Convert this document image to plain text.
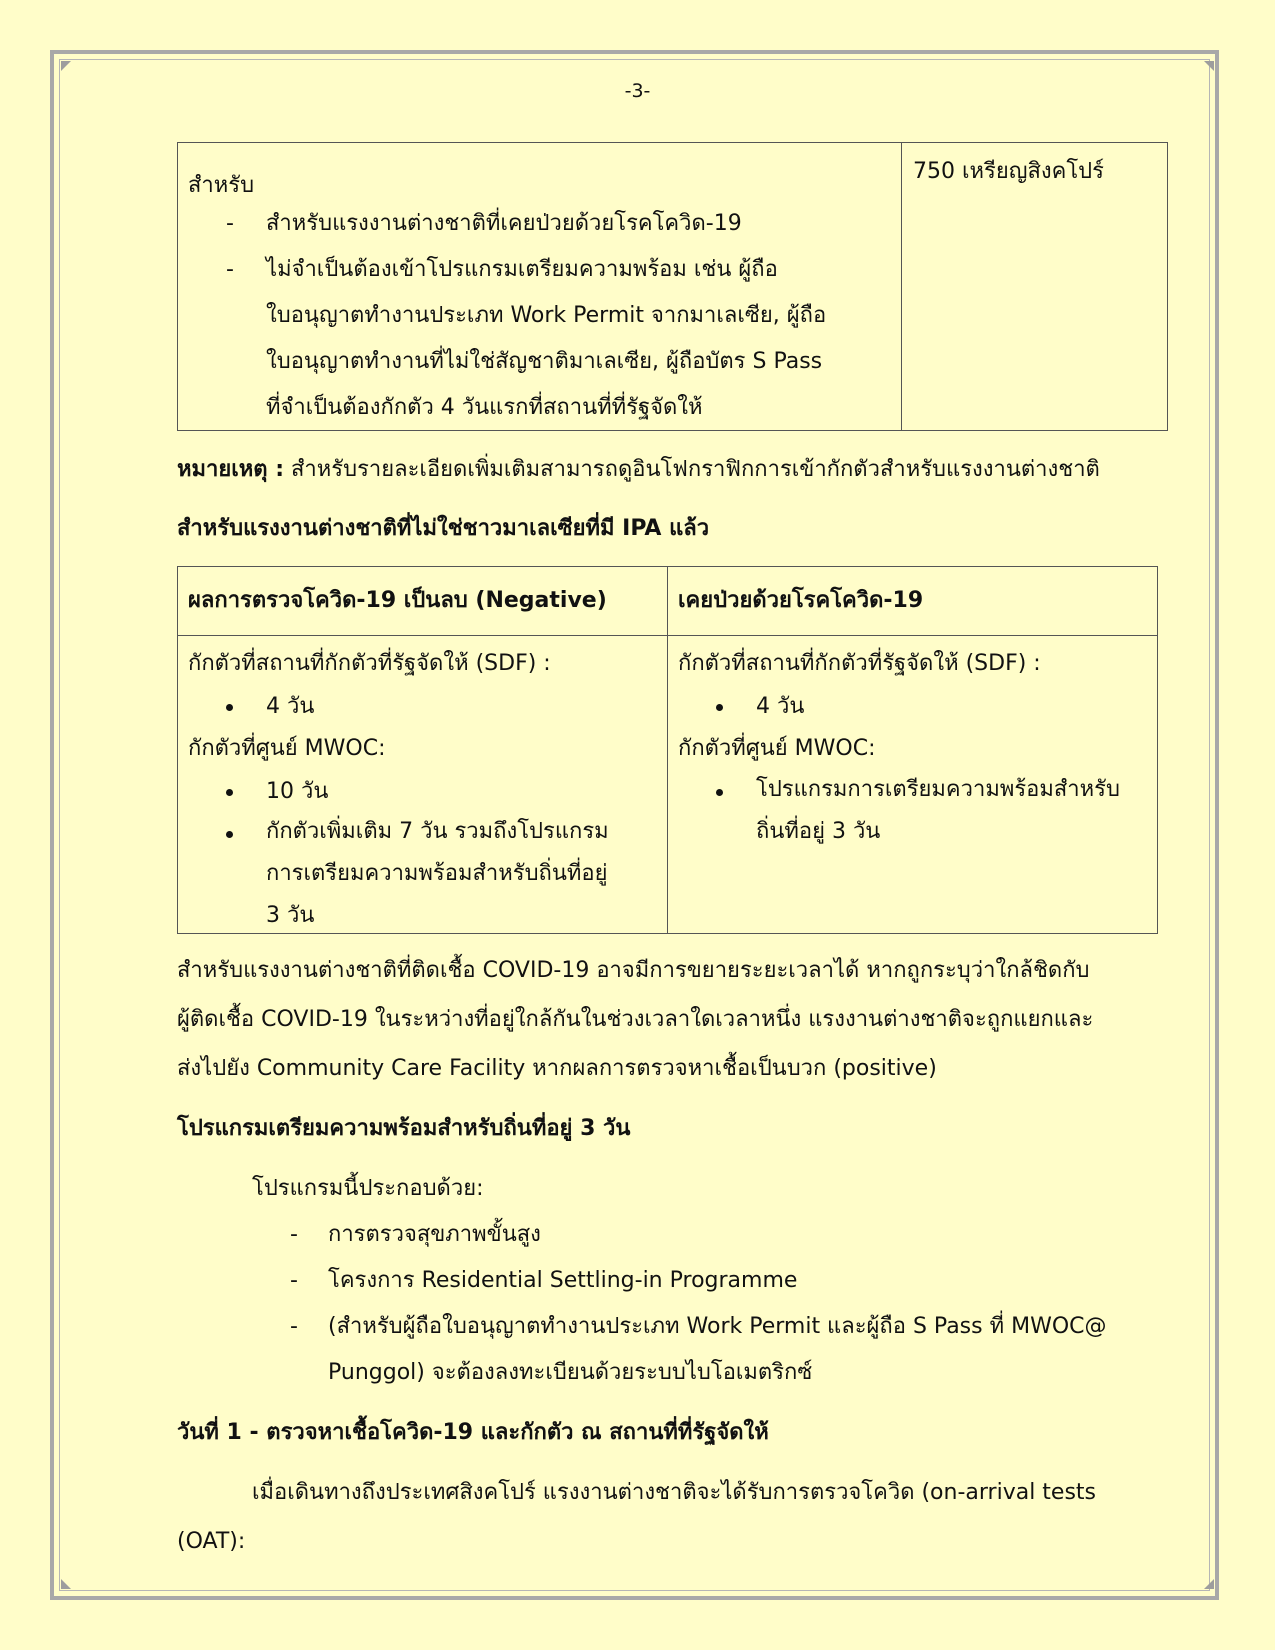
-3-
สำหรับ
- สำหรับแรงงานต่างชาติที่เคยป่วยด้วยโรคโควิด-19
- ไม่จำเป็นต้องเข้าโปรแกรมเตรียมความพร้อม เช่น ผู้ถือ
ใบอนุญาตทำงานประเภท Work Permit จากมาเลเซีย, ผู้ถือ
ใบอนุญาตทำงานที่ไม่ใช่สัญชาติมาเลเซีย, ผู้ถือบัตร S Pass
ที่จำเป็นต้องกักตัว 4 วันแรกที่สถานที่ที่รัฐจัดให้
750 เหรียญสิงคโปร์
หมายเหตุ : สำหรับรายละเอียดเพิ่มเติมสามารถดูอินโฟกราฟิกการเข้ากักตัวสำหรับแรงงานต่างชาติ
สำหรับแรงงานต่างชาติที่ไม่ใช่ชาวมาเลเซียที่มี IPA แล้ว
ผลการตรวจโควิด-19 เป็นลบ (Negative)
กักตัวที่สถานที่กักตัวที่รัฐจัดให้ (SDF) :
4 วัน
กักตัวที่ศูนย์ MWOC:
10 วัน
กักตัวเพิ่มเติม 7 วัน รวมถึงโปรแกรม
การเตรียมความพร้อมสำหรับถิ่นที่อยู่
3 วัน
เคยป่วยด้วยโรคโควิด-19
กักตัวที่สถานที่กักตัวที่รัฐจัดให้ (SDF) :
4 วัน
กักตัวที่ศูนย์ MWOC:
โปรแกรมการเตรียมความพร้อมสำหรับ
ถิ่นที่อยู่ 3 วัน
สำหรับแรงงานต่างชาติที่ติดเชื้อ COVID-19 อาจมีการขยายระยะเวลาได้ หากถูกระบุว่าใกล้ชิดกับ
ผู้ติดเชื้อ COVID-19 ในระหว่างที่อยู่ใกล้กันในช่วงเวลาใดเวลาหนึ่ง แรงงานต่างชาติจะถูกแยกและ
ส่งไปยัง Community Care Facility หากผลการตรวจหาเชื้อเป็นบวก (positive)
โปรแกรมเตรียมความพร้อมสำหรับถิ่นที่อยู่ 3 วัน
โปรแกรมนี้ประกอบด้วย:
- การตรวจสุขภาพขั้นสูง
- โครงการ Residential Settling-in Programme
- (สำหรับผู้ถือใบอนุญาตทำงานประเภท Work Permit และผู้ถือ S Pass ที่ MWOC@
Punggol) จะต้องลงทะเบียนด้วยระบบไบโอเมตริกซ์
วันที่ 1 - ตรวจหาเชื้อโควิด-19 และกักตัว ณ สถานที่ที่รัฐจัดให้
เมื่อเดินทางถึงประเทศสิงคโปร์ แรงงานต่างชาติจะได้รับการตรวจโควิด (on-arrival tests
(OAT):
